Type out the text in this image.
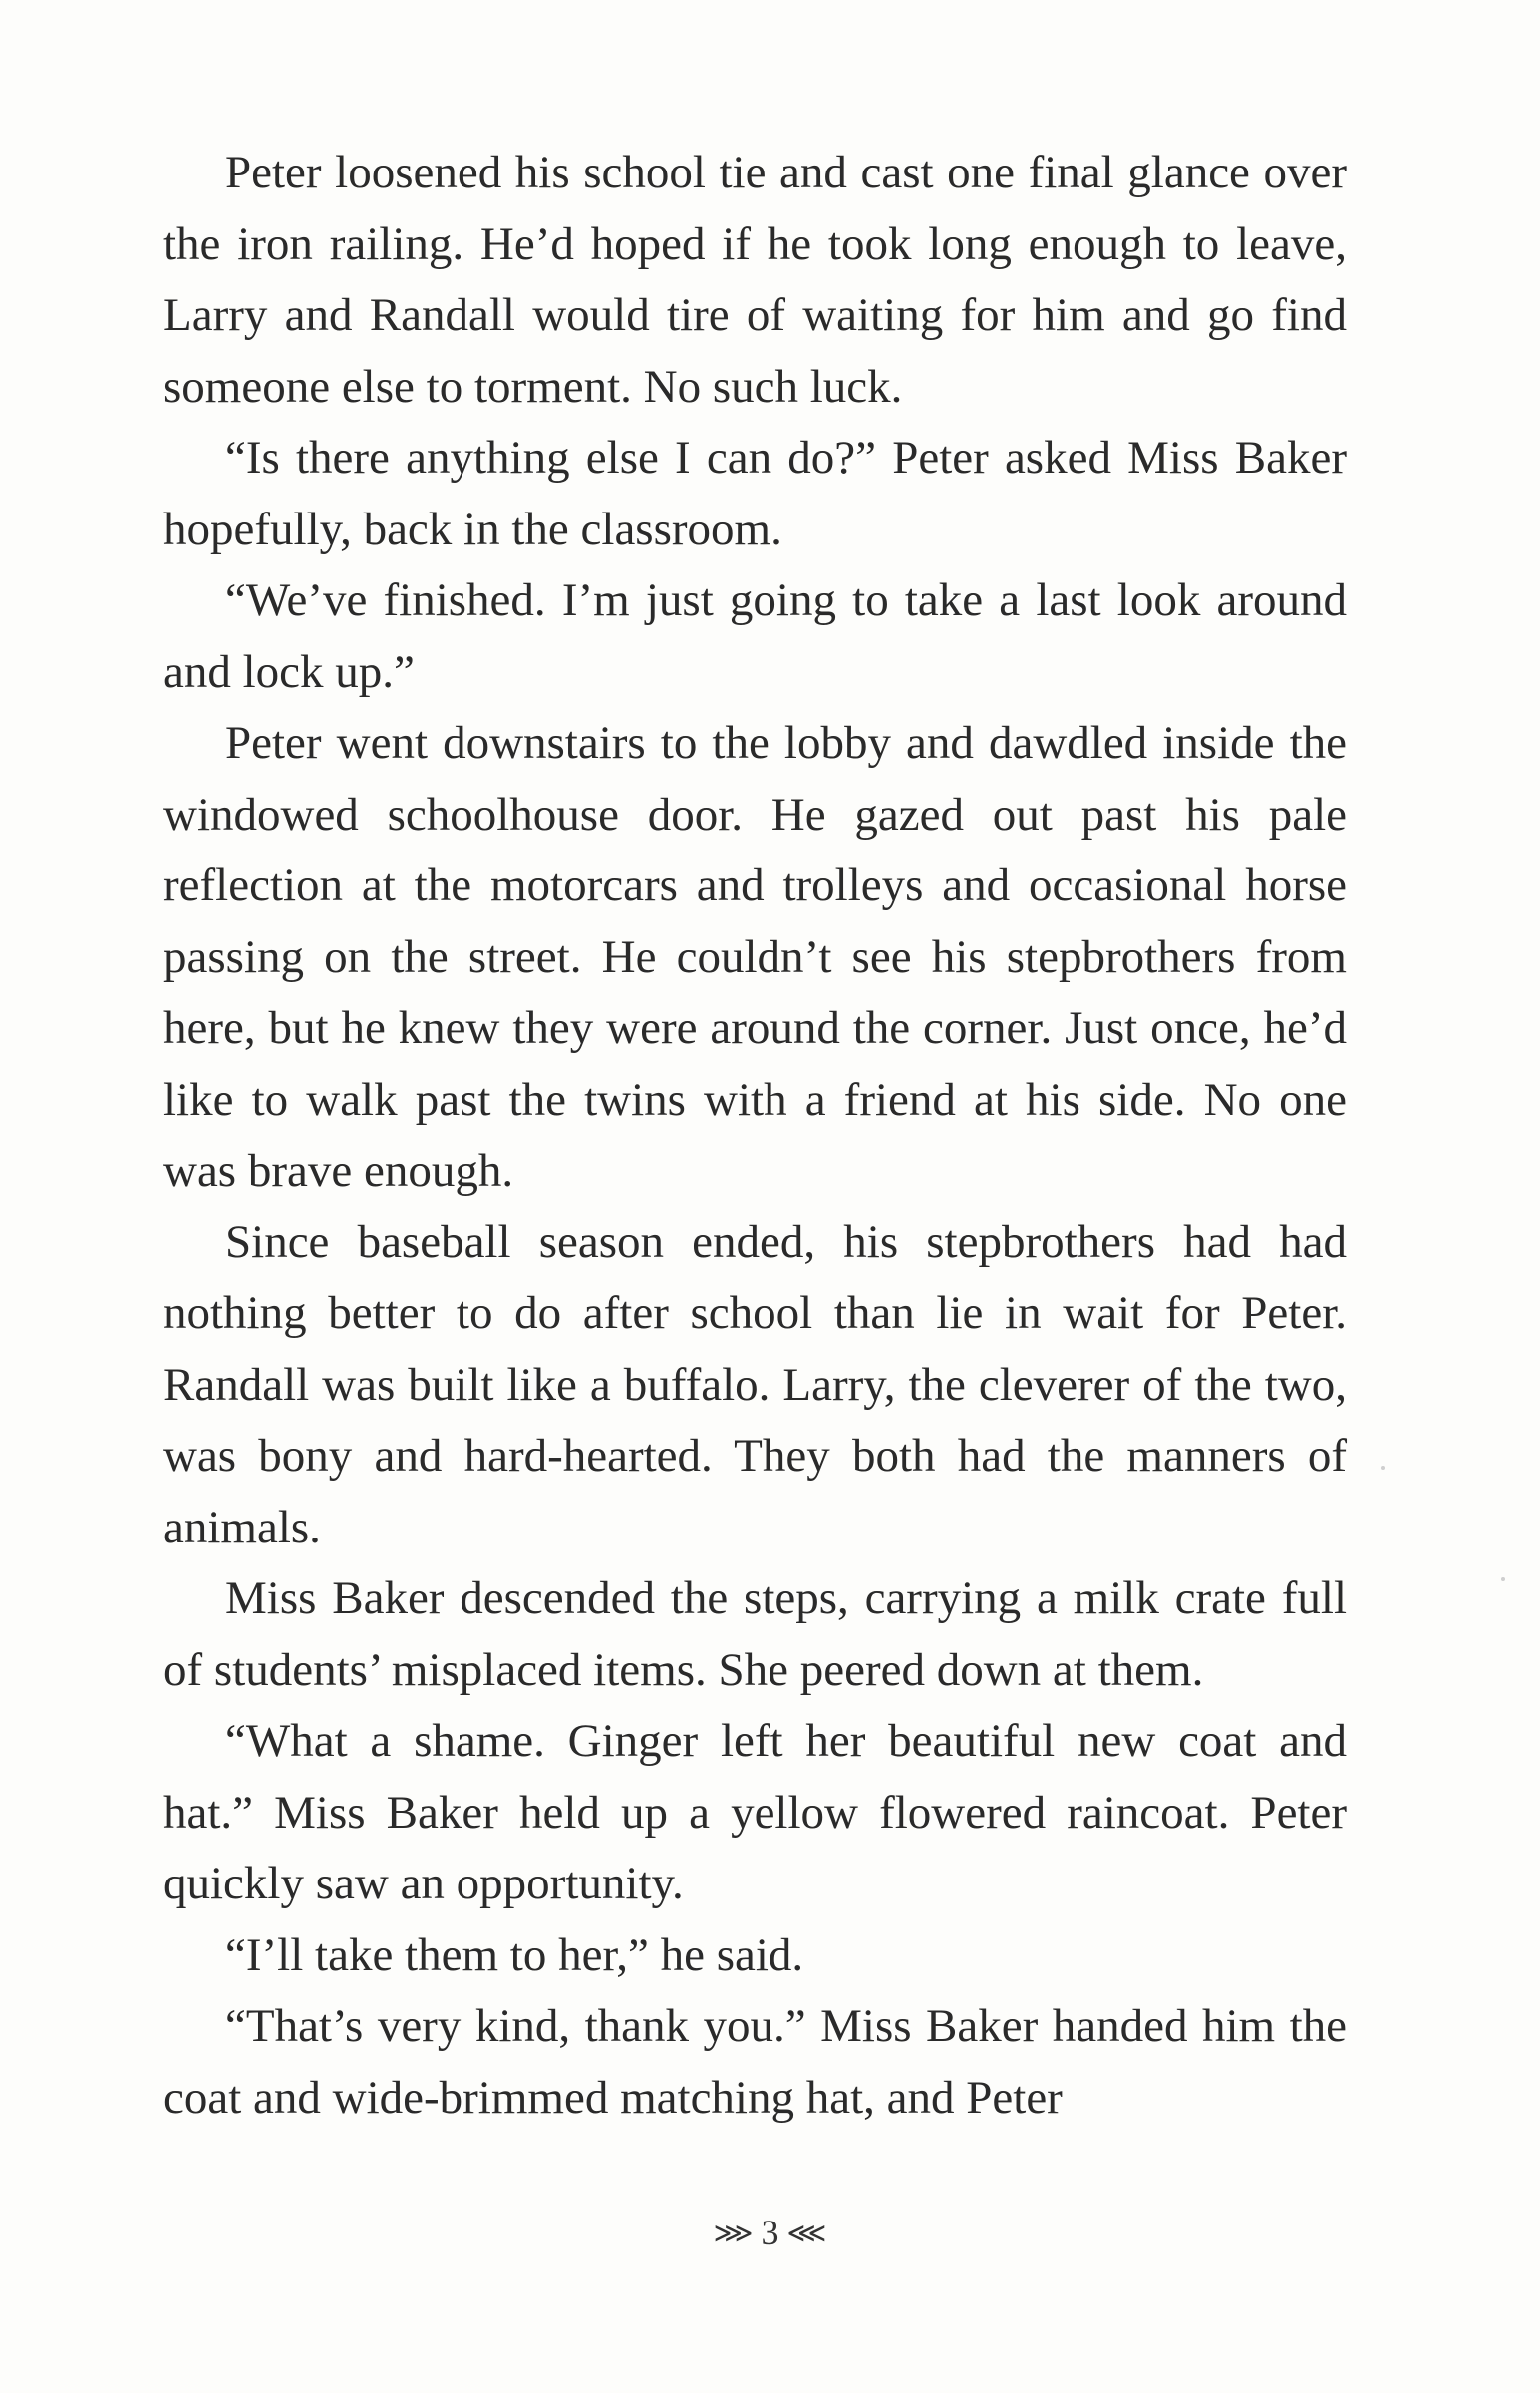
Peter loosened his school tie and cast one final glance over the iron railing. He’d hoped if he took long enough to leave, Larry and Randall would tire of waiting for him and go find someone else to torment. No such luck.

“Is there anything else I can do?” Peter asked Miss Baker hopefully, back in the classroom.

“We’ve finished. I’m just going to take a last look around and lock up.”

Peter went downstairs to the lobby and dawdled inside the windowed schoolhouse door. He gazed out past his pale reflection at the motorcars and trolleys and occasional horse passing on the street. He couldn’t see his stepbrothers from here, but he knew they were around the corner. Just once, he’d like to walk past the twins with a friend at his side. No one was brave enough.

Since baseball season ended, his stepbrothers had had nothing better to do after school than lie in wait for Peter. Randall was built like a buffalo. Larry, the cleverer of the two, was bony and hard-hearted. They both had the manners of animals.

Miss Baker descended the steps, carrying a milk crate full of students’ misplaced items. She peered down at them.

“What a shame. Ginger left her beautiful new coat and hat.” Miss Baker held up a yellow flowered raincoat. Peter quickly saw an opportunity.

“I’ll take them to her,” he said.

“That’s very kind, thank you.” Miss Baker handed him the coat and wide-brimmed matching hat, and Peter

⋙ 3 ⋘
